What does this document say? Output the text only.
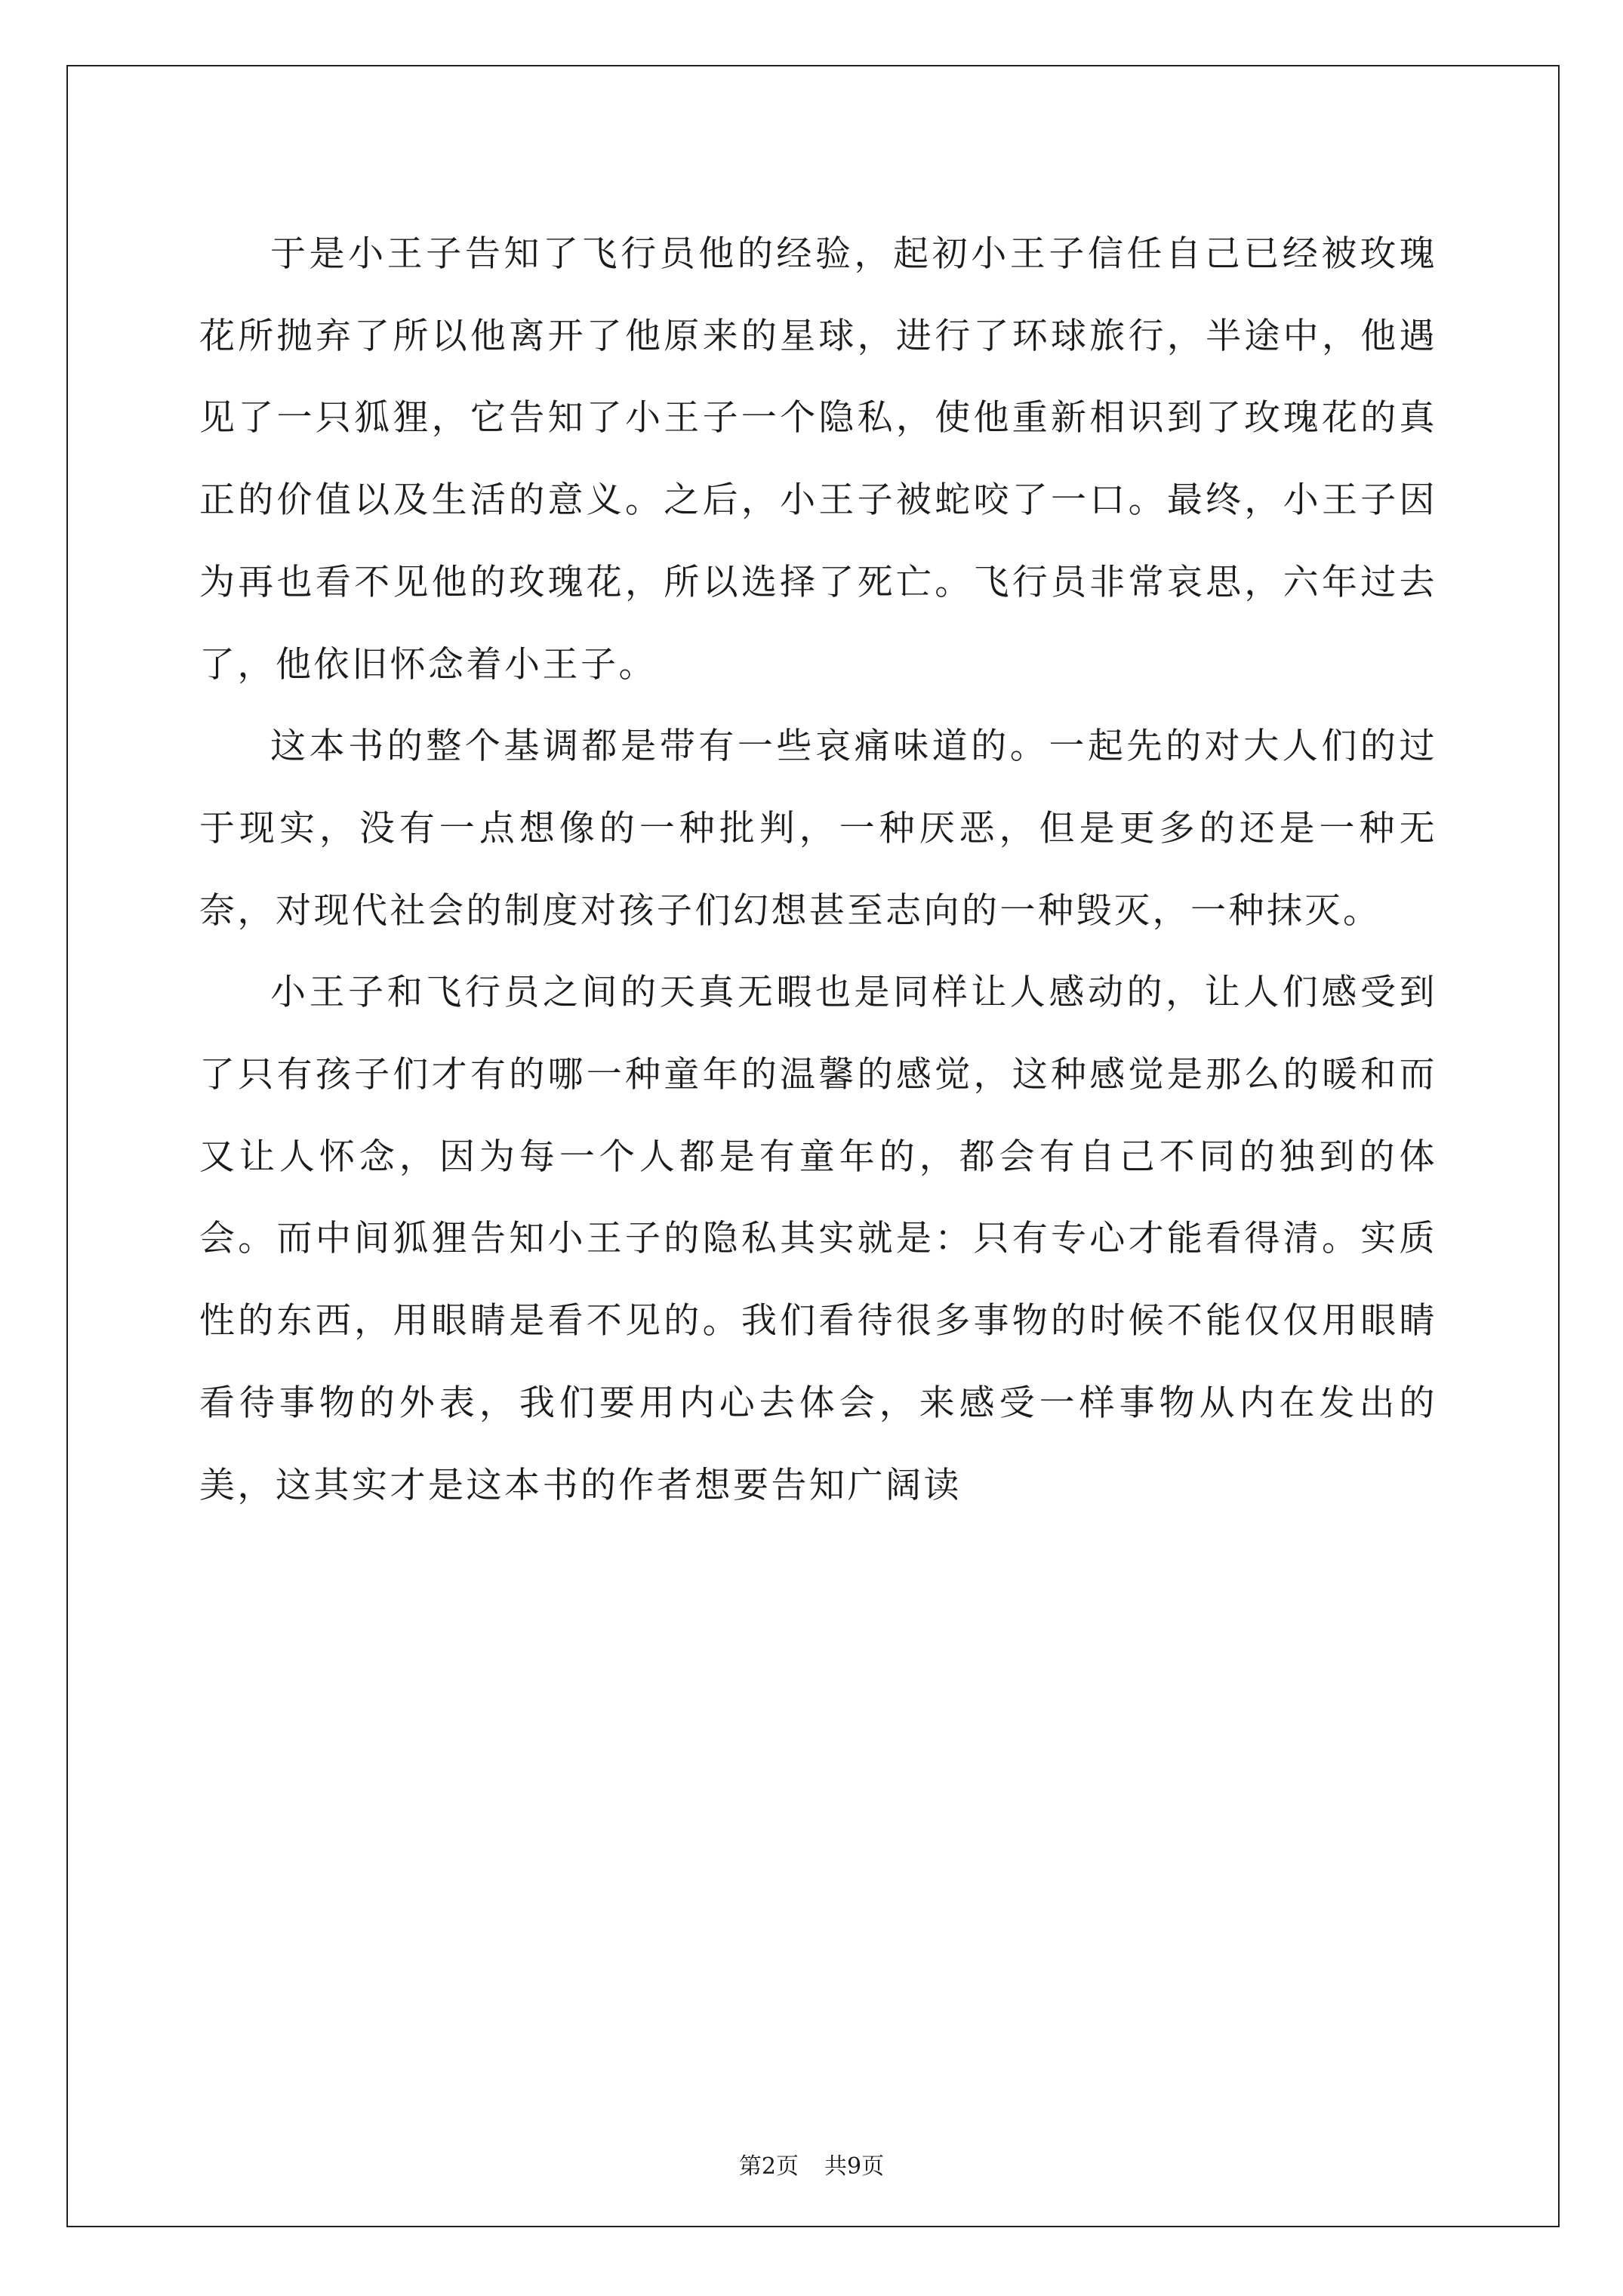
于是小王子告知了飞行员他的经验，起初小王子信任自己已经被玫瑰花所抛弃了所以他离开了他原来的星球，进行了环球旅行，半途中，他遇见了一只狐狸，它告知了小王子一个隐私，使他重新相识到了玫瑰花的真正的价值以及生活的意义。之后，小王子被蛇咬了一口。最终，小王子因为再也看不见他的玫瑰花，所以选择了死亡。飞行员非常哀思，六年过去了，他依旧怀念着小王子。

这本书的整个基调都是带有一些哀痛味道的。一起先的对大人们的过于现实，没有一点想像的一种批判，一种厌恶，但是更多的还是一种无奈，对现代社会的制度对孩子们幻想甚至志向的一种毁灭，一种抹灭。

小王子和飞行员之间的天真无暇也是同样让人感动的，让人们感受到了只有孩子们才有的哪一种童年的温馨的感觉，这种感觉是那么的暖和而又让人怀念，因为每一个人都是有童年的，都会有自己不同的独到的体会。而中间狐狸告知小王子的隐私其实就是：只有专心才能看得清。实质性的东西，用眼睛是看不见的。我们看待很多事物的时候不能仅仅用眼睛看待事物的外表，我们要用内心去体会，来感受一样事物从内在发出的美，这其实才是这本书的作者想要告知广阔读

第2页 共9页
